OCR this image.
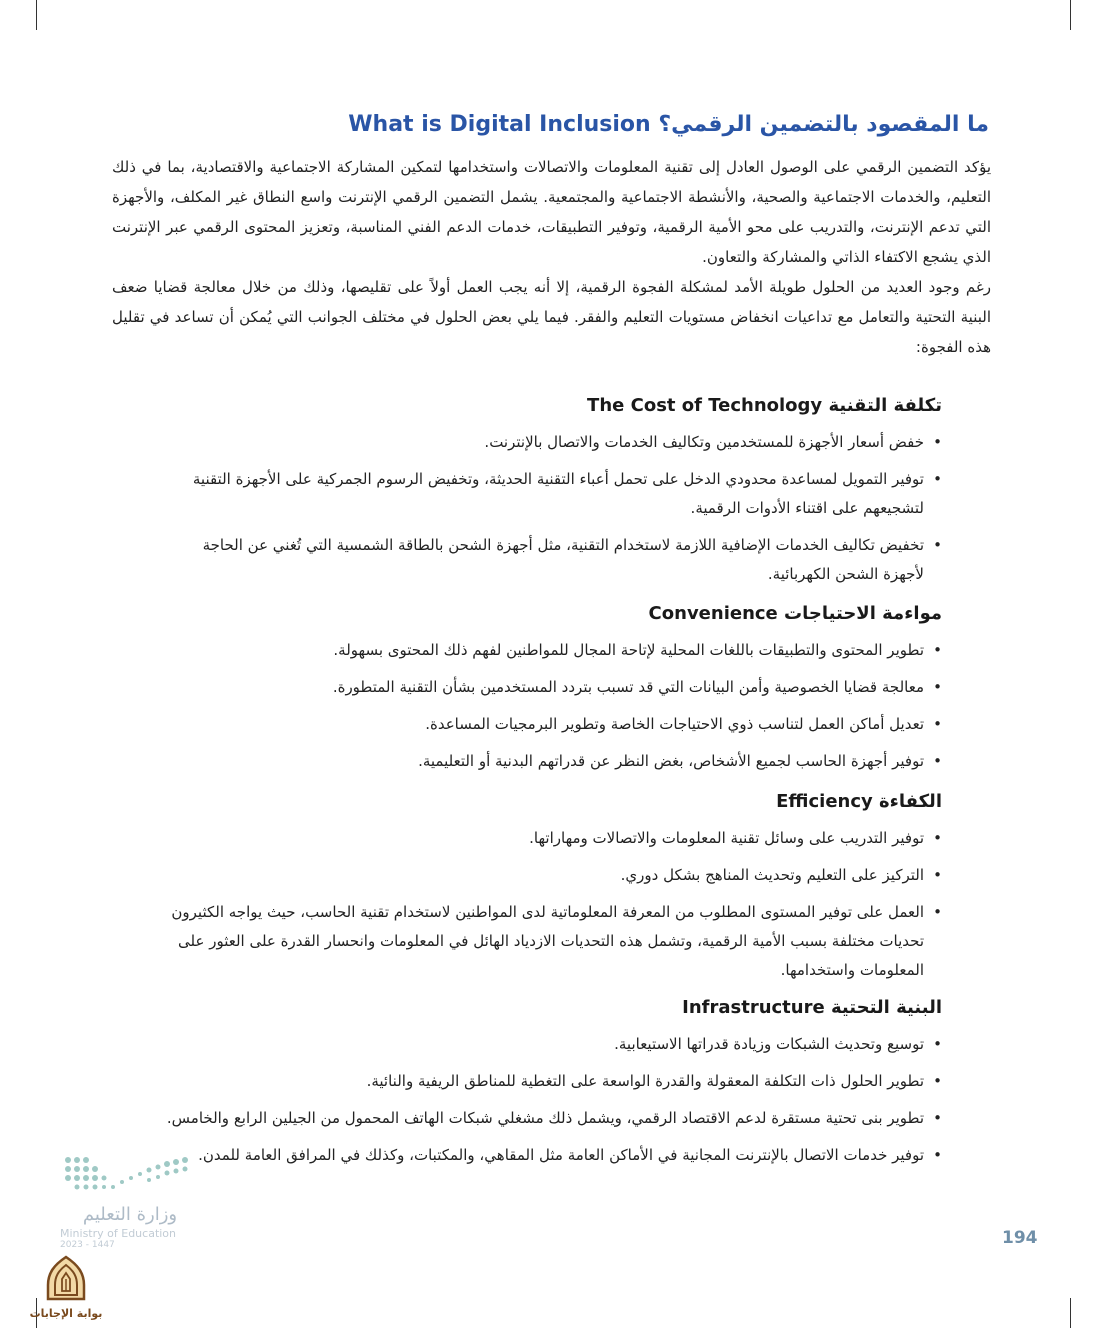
ما المقصود بالتضمين الرقمي؟ What is Digital Inclusion

يؤكد التضمين الرقمي على الوصول العادل إلى تقنية المعلومات والاتصالات واستخدامها لتمكين المشاركة الاجتماعية والاقتصادية، بما في ذلك التعليم، والخدمات الاجتماعية والصحية، والأنشطة الاجتماعية والمجتمعية. يشمل التضمين الرقمي الإنترنت واسع النطاق غير المكلف، والأجهزة التي تدعم الإنترنت، والتدريب على محو الأمية الرقمية، وتوفير التطبيقات، خدمات الدعم الفني المناسبة، وتعزيز المحتوى الرقمي عبر الإنترنت الذي يشجع الاكتفاء الذاتي والمشاركة والتعاون.

رغم وجود العديد من الحلول طويلة الأمد لمشكلة الفجوة الرقمية، إلا أنه يجب العمل أولاً على تقليصها، وذلك من خلال معالجة قضايا ضعف البنية التحتية والتعامل مع تداعيات انخفاض مستويات التعليم والفقر. فيما يلي بعض الحلول في مختلف الجوانب التي يُمكن أن تساعد في تقليل هذه الفجوة:

تكلفة التقنية The Cost of Technology
• خفض أسعار الأجهزة للمستخدمين وتكاليف الخدمات والاتصال بالإنترنت.
• توفير التمويل لمساعدة محدودي الدخل على تحمل أعباء التقنية الحديثة، وتخفيض الرسوم الجمركية على الأجهزة التقنية لتشجيعهم على اقتناء الأدوات الرقمية.
• تخفيض تكاليف الخدمات الإضافية اللازمة لاستخدام التقنية، مثل أجهزة الشحن بالطاقة الشمسية التي تُغني عن الحاجة لأجهزة الشحن الكهربائية.
مواءمة الاحتياجات Convenience
• تطوير المحتوى والتطبيقات باللغات المحلية لإتاحة المجال للمواطنين لفهم ذلك المحتوى بسهولة.
• معالجة قضايا الخصوصية وأمن البيانات التي قد تسبب بتردد المستخدمين بشأن التقنية المتطورة.
• تعديل أماكن العمل لتناسب ذوي الاحتياجات الخاصة وتطوير البرمجيات المساعدة.
• توفير أجهزة الحاسب لجميع الأشخاص، بغض النظر عن قدراتهم البدنية أو التعليمية.
الكفاءة Efficiency
• توفير التدريب على وسائل تقنية المعلومات والاتصالات ومهاراتها.
• التركيز على التعليم وتحديث المناهج بشكل دوري.
• العمل على توفير المستوى المطلوب من المعرفة المعلوماتية لدى المواطنين لاستخدام تقنية الحاسب، حيث يواجه الكثيرون تحديات مختلفة بسبب الأمية الرقمية، وتشمل هذه التحديات الازدياد الهائل في المعلومات وانحسار القدرة على العثور على المعلومات واستخدامها.
البنية التحتية Infrastructure
• توسيع وتحديث الشبكات وزيادة قدراتها الاستيعابية.
• تطوير الحلول ذات التكلفة المعقولة والقدرة الواسعة على التغطية للمناطق الريفية والنائية.
• تطوير بنى تحتية مستقرة لدعم الاقتصاد الرقمي، ويشمل ذلك مشغلي شبكات الهاتف المحمول من الجيلين الرابع والخامس.
• توفير خدمات الاتصال بالإنترنت المجانية في الأماكن العامة مثل المقاهي، والمكتبات، وكذلك في المرافق العامة للمدن.
194
وزارة التعليم
Ministry of Education
2023 - 1447
بوابة الإجابات
